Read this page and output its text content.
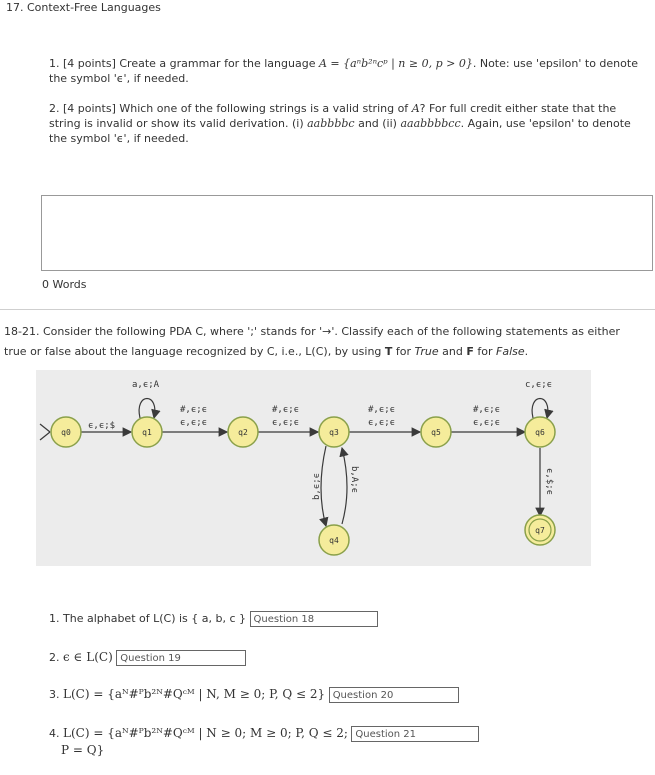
17. Context-Free Languages
1. [4 points] Create a grammar for the language A = {aⁿb²ⁿcᵖ | n ≥ 0, p > 0}. Note: use 'epsilon' to denote the symbol 'ϵ', if needed.
2. [4 points] Which one of the following strings is a valid string of A? For full credit either state that the string is invalid or show its valid derivation. (i) aabbbbc and (ii) aaabbbbcc. Again, use 'epsilon' to denote the symbol 'ϵ', if needed.
0 Words
18-21. Consider the following PDA C, where ';' stands for '→'. Classify each of the following statements as either true or false about the language recognized by C, i.e., L(C), by using T for True and F for False.
q0	q1	q2	q3
q4
q5	q6
q7
a,ϵ;A
ϵ,ϵ;$
#,ϵ;ϵ
ϵ,ϵ;ϵ
#,ϵ;ϵ
ϵ,ϵ;ϵ
#,ϵ;ϵ
ϵ,ϵ;ϵ
#,ϵ;ϵ
ϵ,ϵ;ϵ
c,ϵ;ϵ
b,ϵ;ϵ	b,A;ϵ	ϵ,$;ϵ
1. The alphabet of L(C) is { a, b, c } Question 18
2. ϵ ∈ L(C) Question 19
3. L(C) = {aᴺ#ᴾb²ᴺ#Qᶜᴹ | N, M ≥ 0; P, Q ≤ 2} Question 20
4. L(C) = {aᴺ#ᴾb²ᴺ#Qᶜᴹ | N ≥ 0; M ≥ 0; P, Q ≤ 2; Question 21
P = Q}
